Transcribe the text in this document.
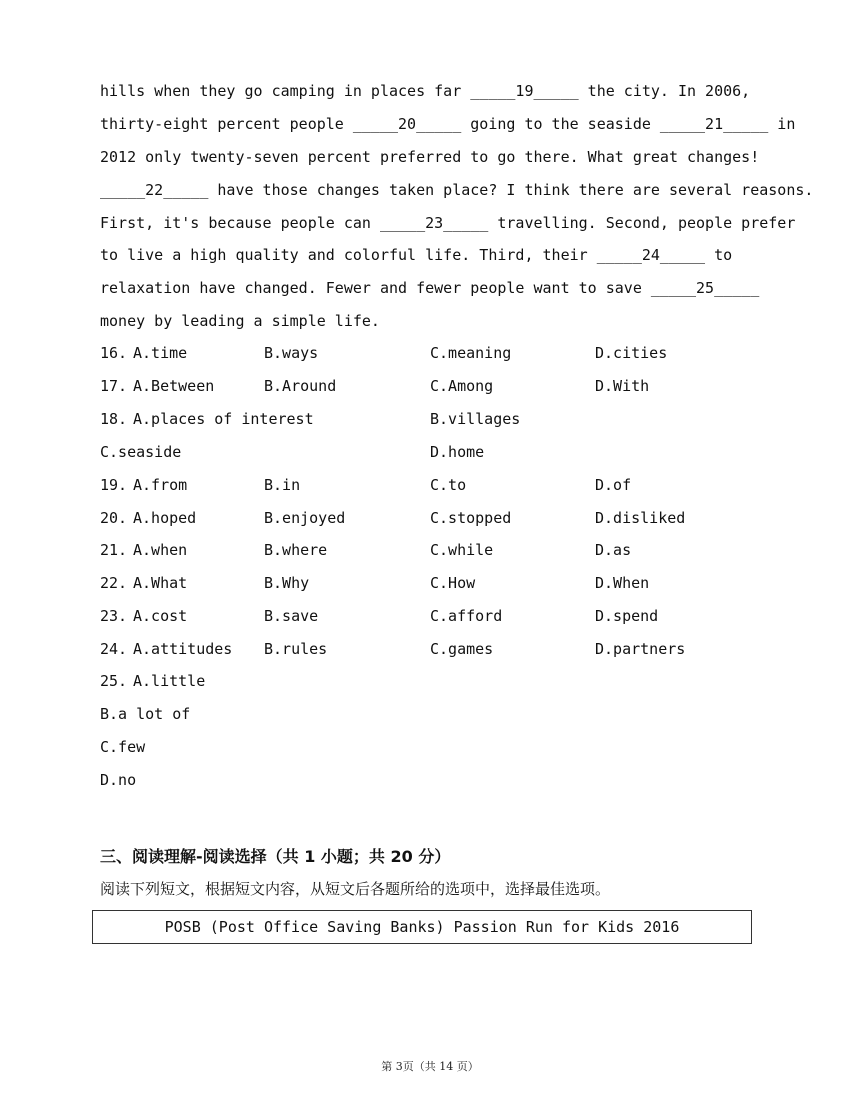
hills when they go camping in places far _____19_____ the city. In 2006,
thirty-eight percent people _____20_____ going to the seaside _____21_____ in
2012 only twenty-seven percent preferred to go there. What great changes!
_____22_____ have those changes taken place? I think there are several reasons.
First, it's because people can _____23_____ travelling. Second, people prefer
to live a high quality and colorful life. Third, their _____24_____ to
relaxation have changed. Fewer and fewer people want to save _____25_____
money by leading a simple life.
16. A.time	B.ways	C.meaning	D.cities
17. A.Between	B.Around	C.Among	D.With
18. A.places of interest	B.villages
C.seaside	D.home
19. A.from	B.in	C.to	D.of
20. A.hoped	B.enjoyed	C.stopped	D.disliked
21. A.when	B.where	C.while	D.as
22. A.What	B.Why	C.How	D.When
23. A.cost	B.save	C.afford	D.spend
24. A.attitudes B.rules	C.games	D.partners
25. A.little
B.a lot of
C.few
D.no
三、阅读理解-阅读选择（共 1 小题；共 20 分）
阅读下列短文，根据短文内容，从短文后各题所给的选项中，选择最佳选项。
POSB (Post Office Saving Banks) Passion Run for Kids 2016
第 3页（共 14 页）
